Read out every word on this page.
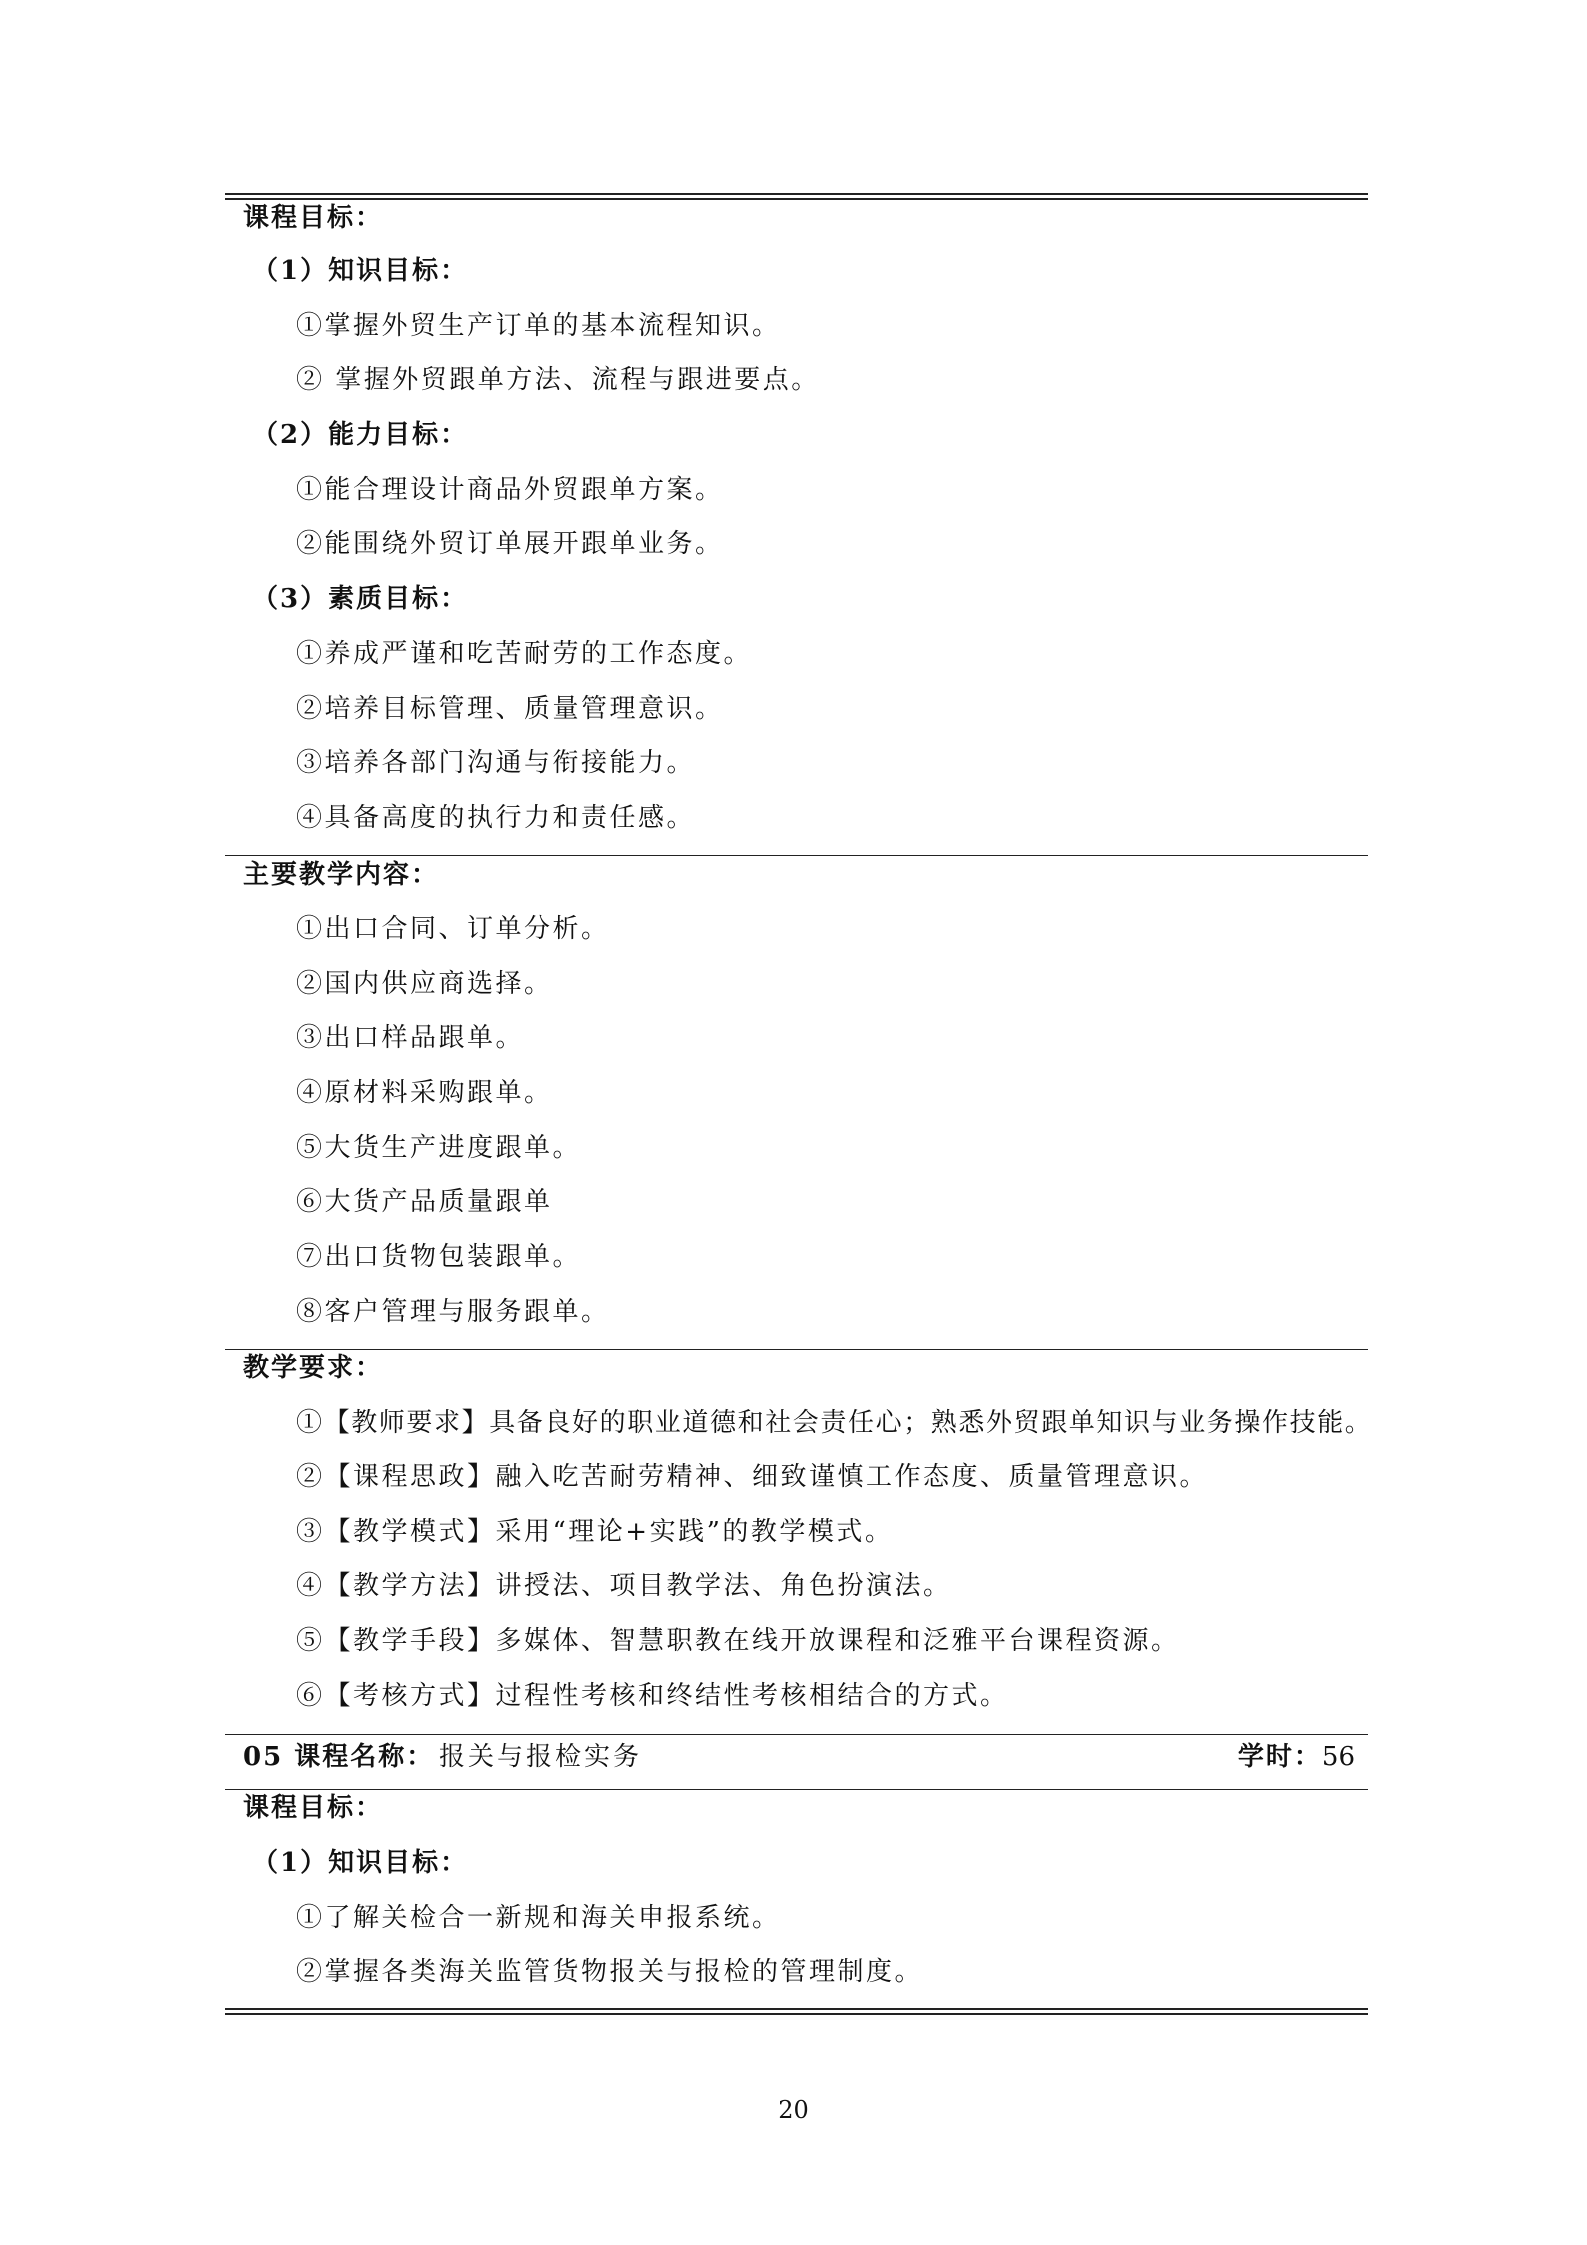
课程目标：
（1）知识目标：
①掌握外贸生产订单的基本流程知识。
② 掌握外贸跟单方法、流程与跟进要点。
（2）能力目标：
①能合理设计商品外贸跟单方案。
②能围绕外贸订单展开跟单业务。
（3）素质目标：
①养成严谨和吃苦耐劳的工作态度。
②培养目标管理、质量管理意识。
③培养各部门沟通与衔接能力。
④具备高度的执行力和责任感。
主要教学内容：
①出口合同、订单分析。
②国内供应商选择。
③出口样品跟单。
④原材料采购跟单。
⑤大货生产进度跟单。
⑥大货产品质量跟单
⑦出口货物包装跟单。
⑧客户管理与服务跟单。
教学要求：
①【教师要求】具备良好的职业道德和社会责任心；熟悉外贸跟单知识与业务操作技能。
②【课程思政】融入吃苦耐劳精神、细致谨慎工作态度、质量管理意识。
③【教学模式】采用“理论+实践”的教学模式。
④【教学方法】讲授法、项目教学法、角色扮演法。
⑤【教学手段】多媒体、智慧职教在线开放课程和泛雅平台课程资源。
⑥【考核方式】过程性考核和终结性考核相结合的方式。
05 课程名称： 报关与报检实务	学时：56
课程目标：
（1）知识目标：
①了解关检合一新规和海关申报系统。
②掌握各类海关监管货物报关与报检的管理制度。
20
